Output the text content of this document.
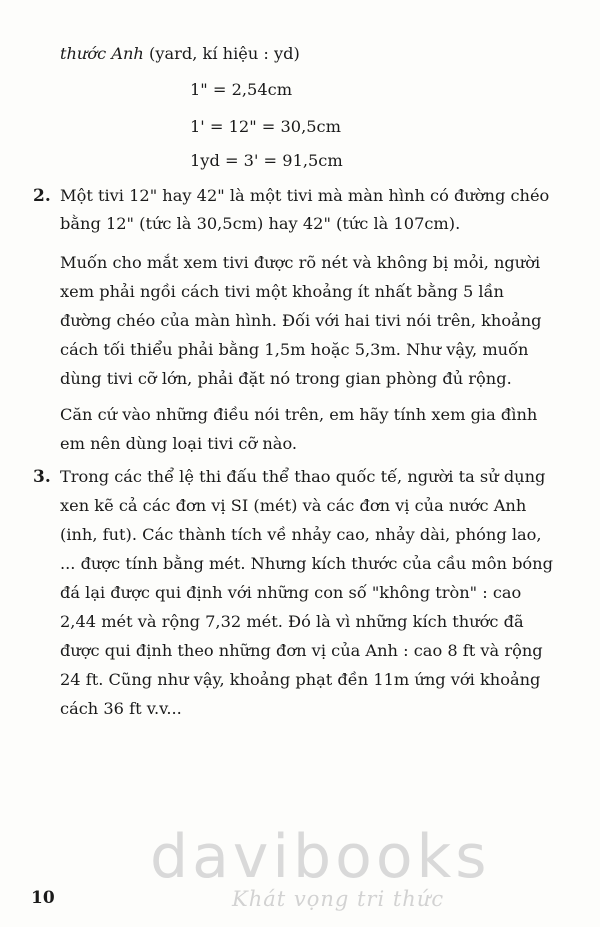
thước Anh (yard, kí hiệu : yd)
1" = 2,54cm
1' = 12" = 30,5cm
1yd = 3' = 91,5cm
2. Một tivi 12" hay 42" là một tivi mà màn hình có đường chéo
bằng 12" (tức là 30,5cm) hay 42" (tức là 107cm).
Muốn cho mắt xem tivi được rõ nét và không bị mỏi, người
xem phải ngồi cách tivi một khoảng ít nhất bằng 5 lần
đường chéo của màn hình. Đối với hai tivi nói trên, khoảng
cách tối thiểu phải bằng 1,5m hoặc 5,3m. Như vậy, muốn
dùng tivi cỡ lớn, phải đặt nó trong gian phòng đủ rộng.
Căn cứ vào những điều nói trên, em hãy tính xem gia đình
em nên dùng loại tivi cỡ nào.
3. Trong các thể lệ thi đấu thể thao quốc tế, người ta sử dụng
xen kẽ cả các đơn vị SI (mét) và các đơn vị của nước Anh
(inh, fut). Các thành tích về nhảy cao, nhảy dài, phóng lao,
... được tính bằng mét. Nhưng kích thước của cầu môn bóng
đá lại được qui định với những con số "không tròn" : cao
2,44 mét và rộng 7,32 mét. Đó là vì những kích thước đã
được qui định theo những đơn vị của Anh : cao 8 ft và rộng
24 ft. Cũng như vậy, khoảng phạt đền 11m ứng với khoảng
cách 36 ft v.v...
davibooks
Khát vọng tri thức
10
